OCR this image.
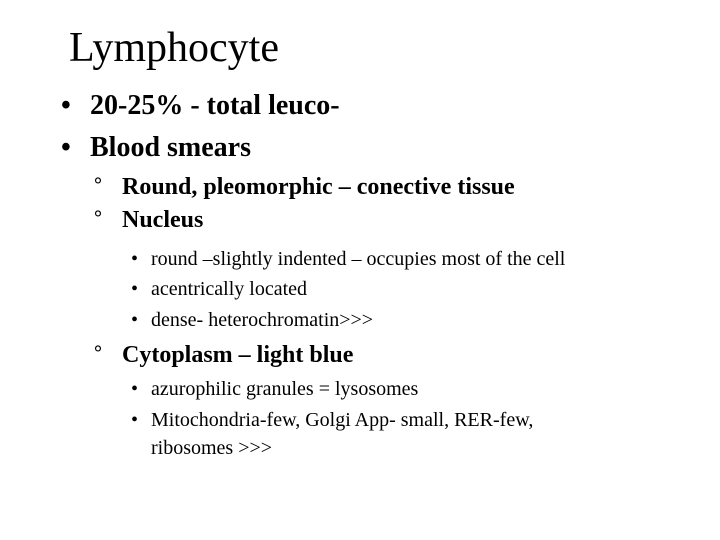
Lymphocyte
• 20-25% - total leuco-
• Blood smears
° Round, pleomorphic – conective tissue
° Nucleus
• round –slightly indented – occupies most of the cell
• acentrically located
• dense- heterochromatin>>>
° Cytoplasm – light blue
• azurophilic granules = lysosomes
• Mitochondria-few, Golgi App- small, RER-few,
ribosomes >>>
